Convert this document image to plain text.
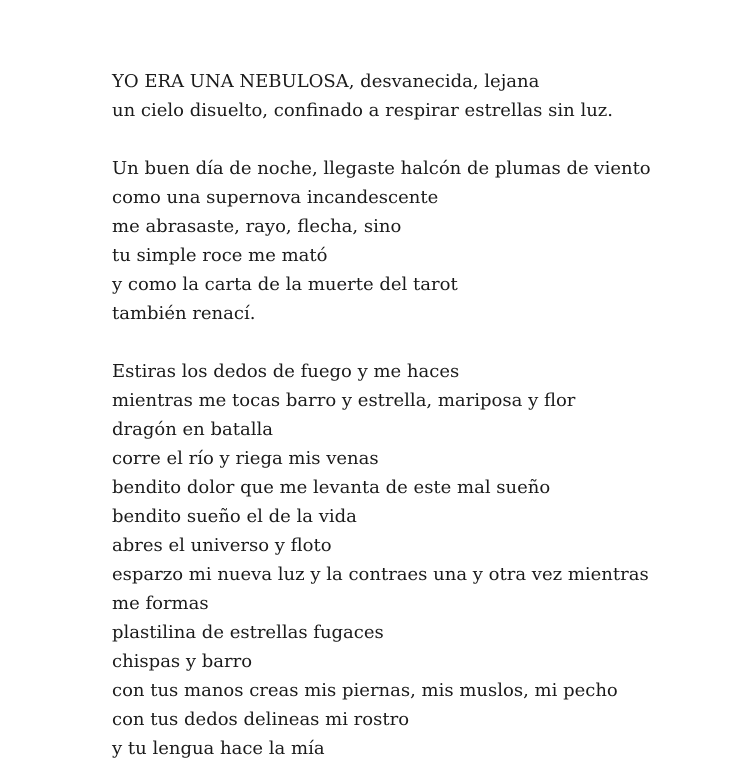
YO ERA UNA NEBULOSA, desvanecida, lejana
un cielo disuelto, confinado a respirar estrellas sin luz.
Un buen día de noche, llegaste halcón de plumas de viento
como una supernova incandescente
me abrasaste, rayo, flecha, sino
tu simple roce me mató
y como la carta de la muerte del tarot
también renací.
Estiras los dedos de fuego y me haces
mientras me tocas barro y estrella, mariposa y flor
dragón en batalla
corre el río y riega mis venas
bendito dolor que me levanta de este mal sueño
bendito sueño el de la vida
abres el universo y floto
esparzo mi nueva luz y la contraes una y otra vez mientras
me formas
plastilina de estrellas fugaces
chispas y barro
con tus manos creas mis piernas, mis muslos, mi pecho
con tus dedos delineas mi rostro
y tu lengua hace la mía
